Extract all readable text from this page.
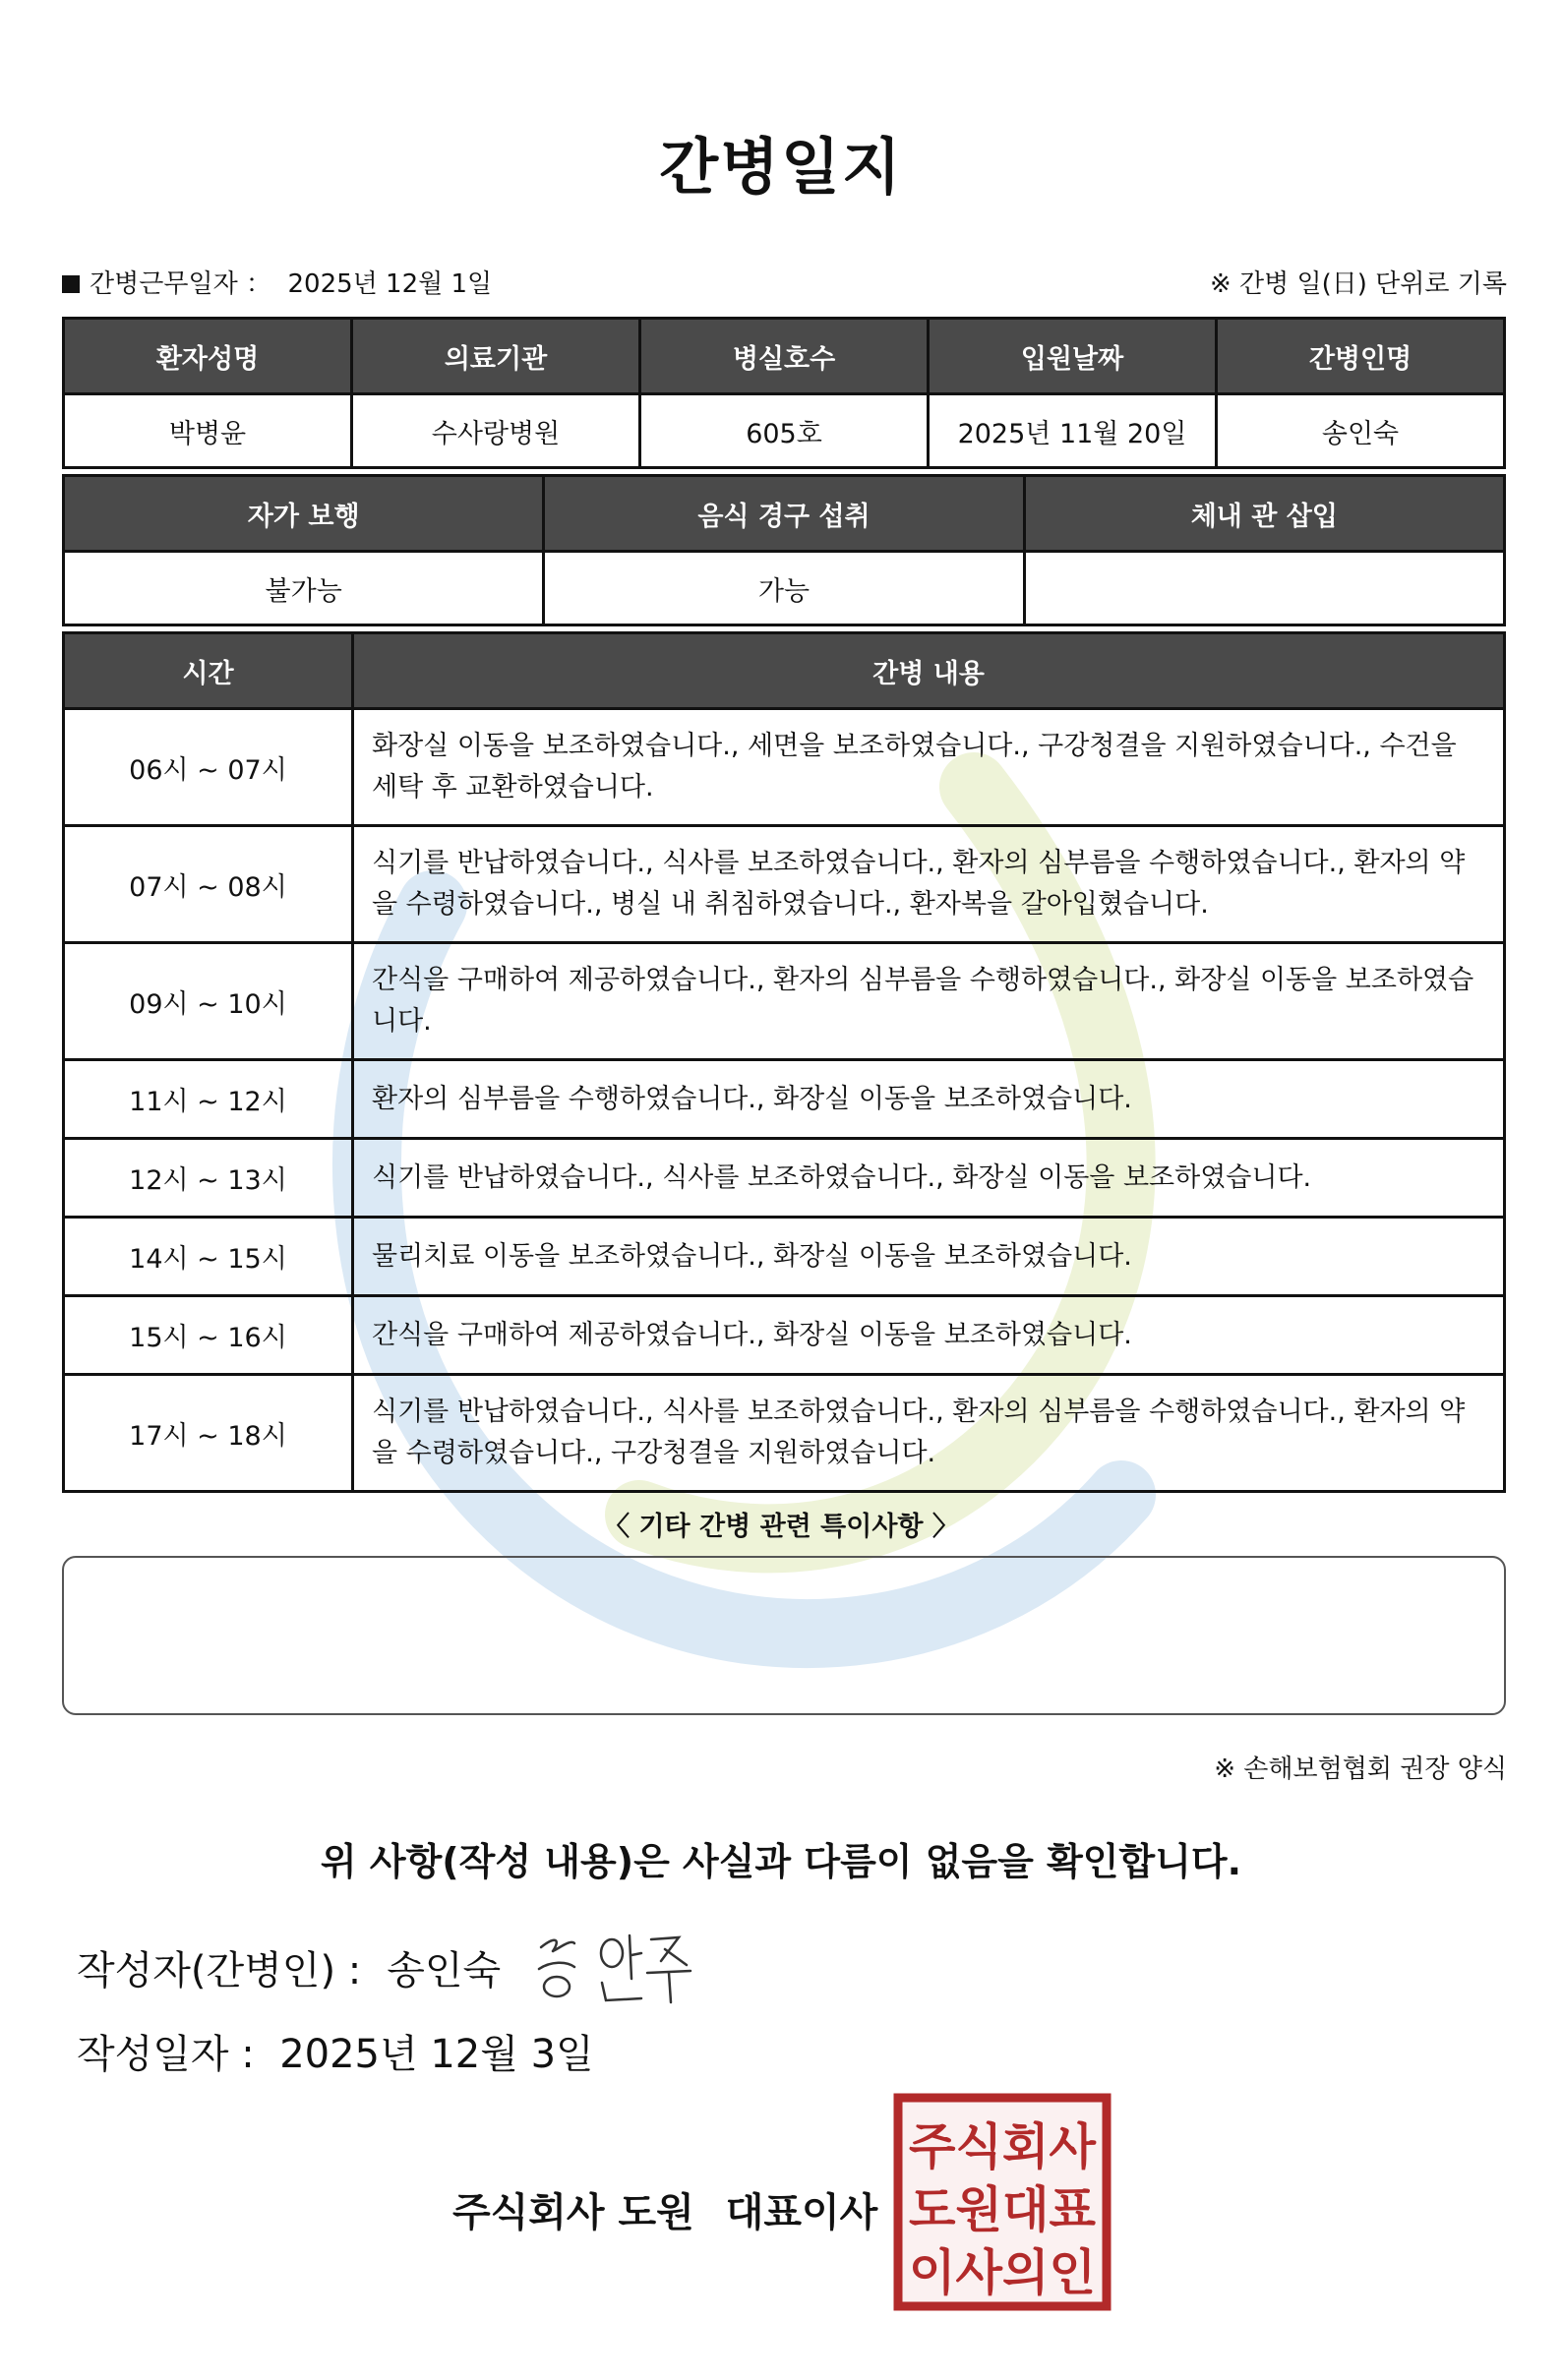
간병일지
간병근무일자 ： 2025년 12월 1일	※ 간병 일(日) 단위로 기록
환자성명	의료기관	병실호수	입원날짜	간병인명
박병윤	수사랑병원	605호	2025년 11월 20일	송인숙
자가 보행	음식 경구 섭취	체내 관 삽입
불가능	가능	
시간	간병 내용
06시 ~ 07시	화장실 이동을 보조하였습니다., 세면을 보조하였습니다., 구강청결을 지원하였습니다., 수건을 세탁 후 교환하였습니다.
07시 ~ 08시	식기를 반납하였습니다., 식사를 보조하였습니다., 환자의 심부름을 수행하였습니다., 환자의 약을 수령하였습니다., 병실 내 취침하였습니다., 환자복을 갈아입혔습니다.
09시 ~ 10시	간식을 구매하여 제공하였습니다., 환자의 심부름을 수행하였습니다., 화장실 이동을 보조하였습니다.
11시 ~ 12시	환자의 심부름을 수행하였습니다., 화장실 이동을 보조하였습니다.
12시 ~ 13시	식기를 반납하였습니다., 식사를 보조하였습니다., 화장실 이동을 보조하였습니다.
14시 ~ 15시	물리치료 이동을 보조하였습니다., 화장실 이동을 보조하였습니다.
15시 ~ 16시	간식을 구매하여 제공하였습니다., 화장실 이동을 보조하였습니다.
17시 ~ 18시	식기를 반납하였습니다., 식사를 보조하였습니다., 환자의 심부름을 수행하였습니다., 환자의 약을 수령하였습니다., 구강청결을 지원하였습니다.
〈 기타 간병 관련 특이사항 〉
※ 손해보험협회 권장 양식
위 사항(작성 내용)은 사실과 다름이 없음을 확인합니다.
작성자(간병인) : 송인숙
작성일자 : 2025년 12월 3일
주식회사 도원 대표이사
주식회사
도원대표
이사의인
